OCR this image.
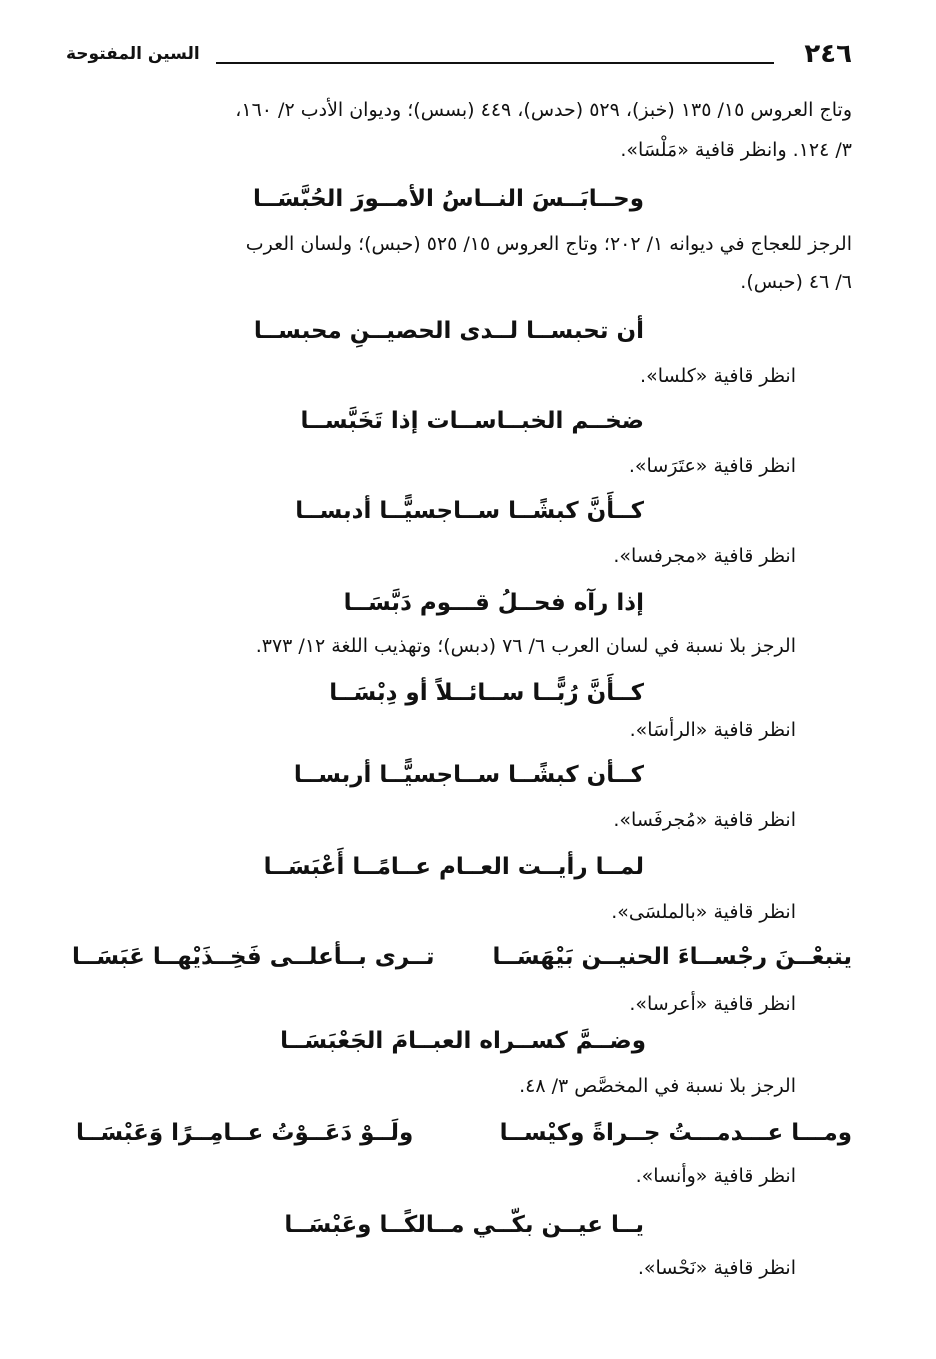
٢٤٦
السين المفتوحة
وتاج العروس ١٥/ ١٣٥ (خبز)، ٥٢٩ (حدس)، ٤٤٩ (بسس)؛ وديوان الأدب ٢/ ١٦٠،
٣/ ١٢٤. وانظر قافية «مَلْسَا».
وحــابَــسَ النــاسُ الأمــورَ الحُبَّسَــا
الرجز للعجاج في ديوانه ١/ ٢٠٢؛ وتاج العروس ١٥/ ٥٢٥ (حبس)؛ ولسان العرب
٦/ ٤٦ (حبس).
أن تحبســا لــدى الحصيــنِ محبســا
انظر قافية «كلسا».
ضخــم الخبــاســات إذا تَخَبَّســا
انظر قافية «عتَرَسا».
كــأَنَّ كبشًــا ســاجسيًّــا أدبســا
انظر قافية «مجرفسا».
إذا رآه فحــلُ قـــوم دَبَّسَــا
الرجز بلا نسبة في لسان العرب ٦/ ٧٦ (دبس)؛ وتهذيب اللغة ١٢/ ٣٧٣.
كــأَنَّ رُبًّــا ســائــلاً أو دِبْسَــا
انظر قافية «الرأسَا».
كــأن كبشًــا ســاجسيًّــا أربســا
انظر قافية «مُجرفَسا».
لمــا رأيــت العــام عــامًــا أَعْبَسَــا
انظر قافية «بالملسَى».
يتبعْــنَ رجْســاءَ الحنيــن بَيْهَسَــا
تــرى بــأعلــى فَخِــذَيْهــا عَبَسَــا
انظر قافية «أعرسا».
وضــمَّ كســراه العبــامَ الجَعْبَسَــا
الرجز بلا نسبة في المخصَّص ٣/ ٤٨.
ومـــا عـــدمـــتُ جــراةً وكيْســا
ولَــوْ دَعَــوْتُ عــامِــرًا وَعَبْسَــا
انظر قافية «وأنسا».
يــا عيــن بكّــي مــالكًــا وعَبْسَــا
انظر قافية «نَحْسا».
